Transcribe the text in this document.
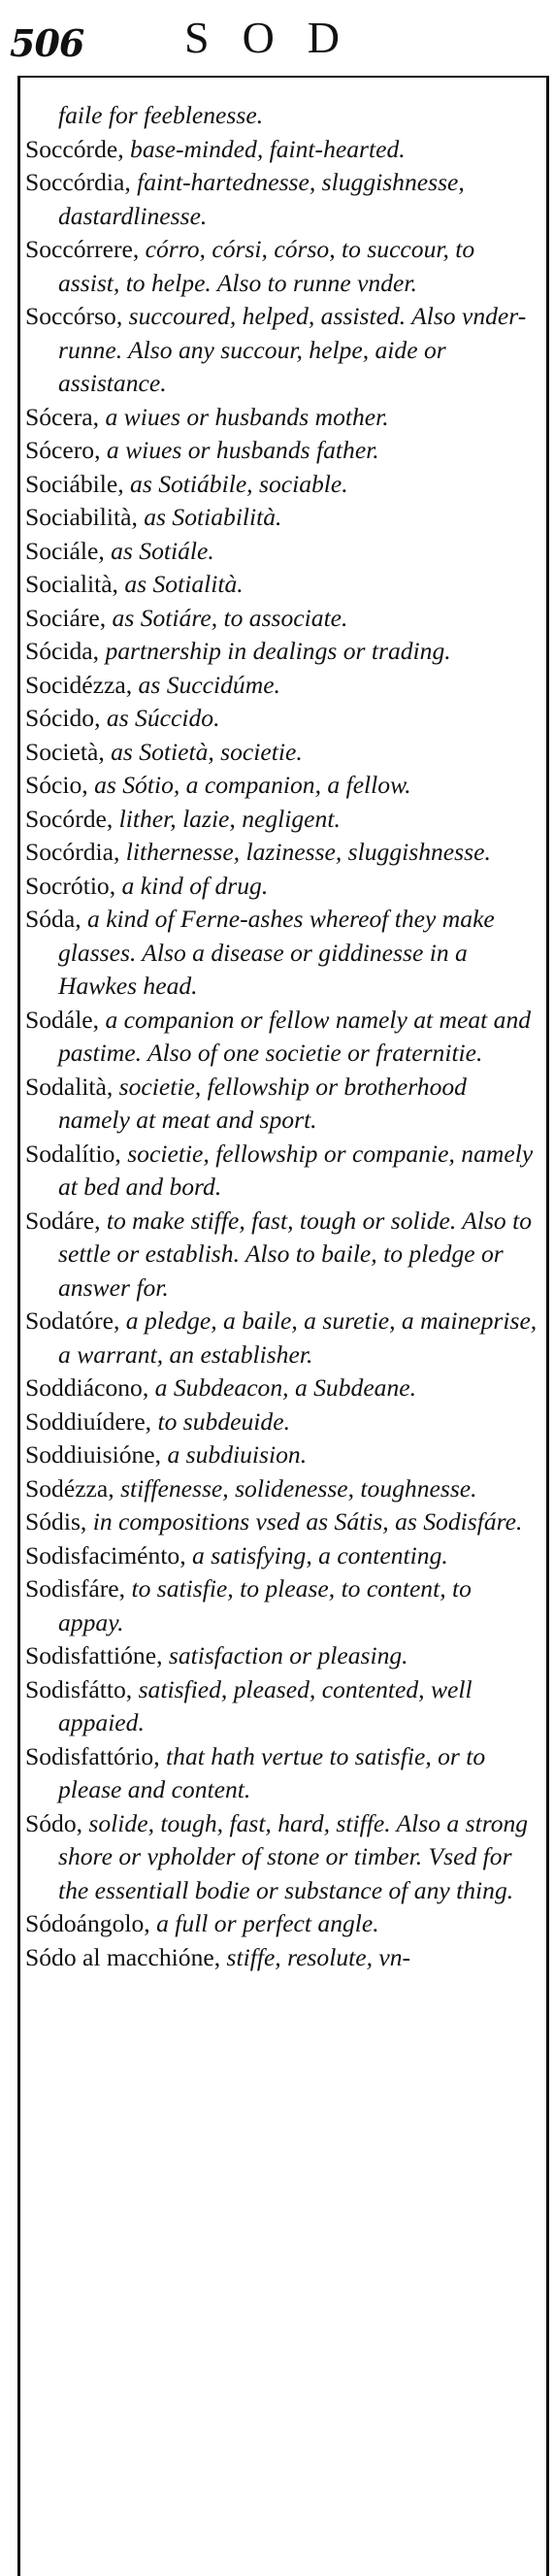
506 SOD

faile for feeblenesse.

Soccórde, base-minded, faint-hearted.

Soccórdia, faint-hartednesse, sluggishnesse, dastardlinesse.

Soccórrere, córro, córsi, córso, to succour, to assist, to helpe. Also to runne vnder.

Soccórso, succoured, helped, assisted. Also vnder-runne. Also any succour, helpe, aide or assistance.

Sócera, a wiues or husbands mother.

Sócero, a wiues or husbands father.

Sociábile, as Sotiábile, sociable.

Sociabilità, as Sotiabilità.

Sociále, as Sotiále.

Socialità, as Sotialità.

Sociáre, as Sotiáre, to associate.

Sócida, partnership in dealings or trading.

Socidézza, as Succidúme.

Sócido, as Súccido.

Società, as Sotietà, societie.

Sócio, as Sótio, a companion, a fellow.

Socórde, lither, lazie, negligent.

Socórdia, lithernesse, lazinesse, sluggishnesse.

Socrótio, a kind of drug.

Sóda, a kind of Ferne-ashes whereof they make glasses. Also a disease or giddinesse in a Hawkes head.

Sodále, a companion or fellow namely at meat and pastime. Also of one societie or fraternitie.

Sodalità, societie, fellowship or brotherhood namely at meat and sport.

Sodalítio, societie, fellowship or companie, namely at bed and bord.

Sodáre, to make stiffe, fast, tough or solide. Also to settle or establish. Also to baile, to pledge or answer for.

Sodatóre, a pledge, a baile, a suretie, a maineprise, a warrant, an establisher.

Soddiácono, a Subdeacon, a Subdeane.

Soddiuídere, to subdeuide.

Soddiuisióne, a subdiuision.

Sodézza, stiffenesse, solidenesse, toughnesse.

Sódis, in compositions vsed as Sátis, as Sodisfáre.

Sodisfaciménto, a satisfying, a contenting.

Sodisfáre, to satisfie, to please, to content, to appay.

Sodisfattióne, satisfaction or pleasing.

Sodisfátto, satisfied, pleased, contented, well appaied.

Sodisfattório, that hath vertue to satisfie, or to please and content.

Sódo, solide, tough, fast, hard, stiffe. Also a strong shore or vpholder of stone or timber. Vsed for the essentiall bodie or substance of any thing.

Sódoángolo, a full or perfect angle.

Sódo al macchióne, stiffe, resolute, vn-
